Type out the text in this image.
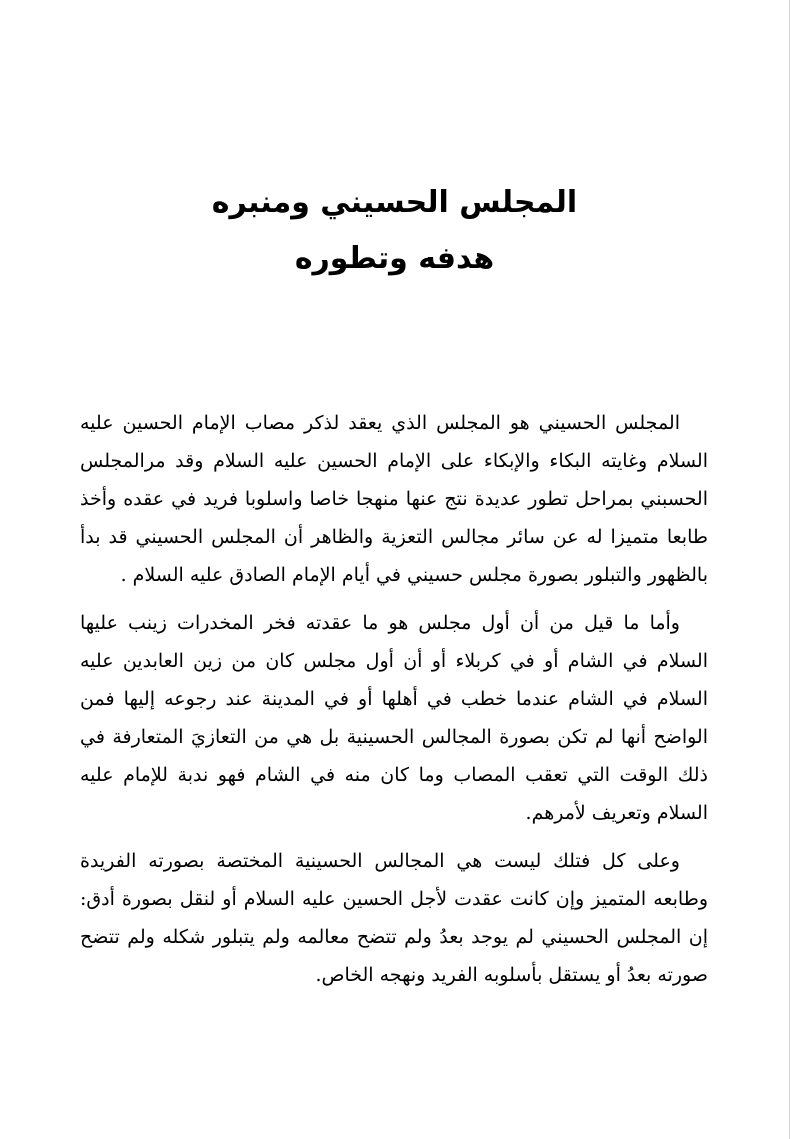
المجلس الحسيني ومنبره
هدفه وتطوره

المجلس الحسيني هو المجلس الذي يعقد لذكر مصاب الإمام الحسين عليه السلام وغايته البكاء والإبكاء على الإمام الحسين عليه السلام وقد مرالمجلس الحسبني بمراحل تطور عديدة نتج عنها منهجا خاصا واسلوبا فريد في عقده وأخذ طابعا متميزا له عن سائر مجالس التعزية والظاهر أن المجلس الحسيني قد بدأ بالظهور والتبلور بصورة مجلس حسيني في أيام الإمام الصادق عليه السلام .

وأما ما قيل من أن أول مجلس هو ما عقدته فخر المخدرات زينب عليها السلام في الشام أو في كربلاء أو أن أول مجلس كان من زين العابدين عليه السلام في الشام عندما خطب في أهلها أو في المدينة عند رجوعه إليها فمن الواضح أنها لم تكن بصورة المجالس الحسينية بل هي من التعازيَ المتعارفة في ذلك الوقت التي تعقب المصاب وما كان منه في الشام فهو ندبة للإمام عليه السلام وتعريف لأمرهم.

وعلى كل فتلك ليست هي المجالس الحسينية المختصة بصورته الفريدة وطابعه المتميز وإن كانت عقدت لأجل الحسين عليه السلام أو لنقل بصورة أدق: إن المجلس الحسيني لم يوجد بعدُ ولم تتضح معالمه ولم يتبلور شكله ولم تتضح صورته بعدُ أو يستقل بأسلوبه الفريد ونهجه الخاص.
